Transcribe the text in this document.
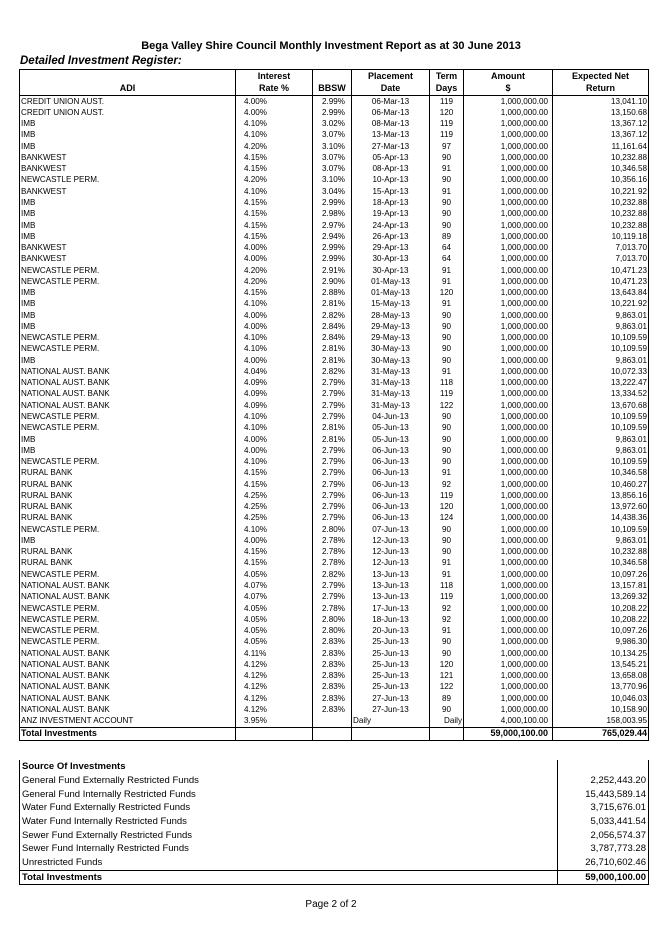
Bega Valley Shire Council Monthly Investment Report as at 30 June 2013
Detailed Investment Register:
	Interest		Placement	Term	Amount	Expected Net
ADI	Rate %	BBSW	Date	Days	$	Return
CREDIT UNION AUST.	4.00%	2.99%	06-Mar-13	119	1,000,000.00	13,041.10
CREDIT UNION AUST.	4.00%	2.99%	06-Mar-13	120	1,000,000.00	13,150.68
IMB	4.10%	3.02%	08-Mar-13	119	1,000,000.00	13,367.12
IMB	4.10%	3.07%	13-Mar-13	119	1,000,000.00	13,367.12
IMB	4.20%	3.10%	27-Mar-13	97	1,000,000.00	11,161.64
BANKWEST	4.15%	3.07%	05-Apr-13	90	1,000,000.00	10,232.88
BANKWEST	4.15%	3.07%	08-Apr-13	91	1,000,000.00	10,346.58
NEWCASTLE PERM.	4.20%	3.10%	10-Apr-13	90	1,000,000.00	10,356.16
BANKWEST	4.10%	3.04%	15-Apr-13	91	1,000,000.00	10,221.92
IMB	4.15%	2.99%	18-Apr-13	90	1,000,000.00	10,232.88
IMB	4.15%	2.98%	19-Apr-13	90	1,000,000.00	10,232.88
IMB	4.15%	2.97%	24-Apr-13	90	1,000,000.00	10,232.88
IMB	4.15%	2.94%	26-Apr-13	89	1,000,000.00	10,119.18
BANKWEST	4.00%	2.99%	29-Apr-13	64	1,000,000.00	7,013.70
BANKWEST	4.00%	2.99%	30-Apr-13	64	1,000,000.00	7,013.70
NEWCASTLE PERM.	4.20%	2.91%	30-Apr-13	91	1,000,000.00	10,471.23
NEWCASTLE PERM.	4.20%	2.90%	01-May-13	91	1,000,000.00	10,471.23
IMB	4.15%	2.88%	01-May-13	120	1,000,000.00	13,643.84
IMB	4.10%	2.81%	15-May-13	91	1,000,000.00	10,221.92
IMB	4.00%	2.82%	28-May-13	90	1,000,000.00	9,863.01
IMB	4.00%	2.84%	29-May-13	90	1,000,000.00	9,863.01
NEWCASTLE PERM.	4.10%	2.84%	29-May-13	90	1,000,000.00	10,109.59
NEWCASTLE PERM.	4.10%	2.81%	30-May-13	90	1,000,000.00	10,109.59
IMB	4.00%	2.81%	30-May-13	90	1,000,000.00	9,863.01
NATIONAL AUST. BANK	4.04%	2.82%	31-May-13	91	1,000,000.00	10,072.33
NATIONAL AUST. BANK	4.09%	2.79%	31-May-13	118	1,000,000.00	13,222.47
NATIONAL AUST. BANK	4.09%	2.79%	31-May-13	119	1,000,000.00	13,334.52
NATIONAL AUST. BANK	4.09%	2.79%	31-May-13	122	1,000,000.00	13,670.68
NEWCASTLE PERM.	4.10%	2.79%	04-Jun-13	90	1,000,000.00	10,109.59
NEWCASTLE PERM.	4.10%	2.81%	05-Jun-13	90	1,000,000.00	10,109.59
IMB	4.00%	2.81%	05-Jun-13	90	1,000,000.00	9,863.01
IMB	4.00%	2.79%	06-Jun-13	90	1,000,000.00	9,863.01
NEWCASTLE PERM.	4.10%	2.79%	06-Jun-13	90	1,000,000.00	10,109.59
RURAL BANK	4.15%	2.79%	06-Jun-13	91	1,000,000.00	10,346.58
RURAL BANK	4.15%	2.79%	06-Jun-13	92	1,000,000.00	10,460.27
RURAL BANK	4.25%	2.79%	06-Jun-13	119	1,000,000.00	13,856.16
RURAL BANK	4.25%	2.79%	06-Jun-13	120	1,000,000.00	13,972.60
RURAL BANK	4.25%	2.79%	06-Jun-13	124	1,000,000.00	14,438.36
NEWCASTLE PERM.	4.10%	2.80%	07-Jun-13	90	1,000,000.00	10,109.59
IMB	4.00%	2.78%	12-Jun-13	90	1,000,000.00	9,863.01
RURAL BANK	4.15%	2.78%	12-Jun-13	90	1,000,000.00	10,232.88
RURAL BANK	4.15%	2.78%	12-Jun-13	91	1,000,000.00	10,346.58
NEWCASTLE PERM.	4.05%	2.82%	13-Jun-13	91	1,000,000.00	10,097.26
NATIONAL AUST. BANK	4.07%	2.79%	13-Jun-13	118	1,000,000.00	13,157.81
NATIONAL AUST. BANK	4.07%	2.79%	13-Jun-13	119	1,000,000.00	13,269.32
NEWCASTLE PERM.	4.05%	2.78%	17-Jun-13	92	1,000,000.00	10,208.22
NEWCASTLE PERM.	4.05%	2.80%	18-Jun-13	92	1,000,000.00	10,208.22
NEWCASTLE PERM.	4.05%	2.80%	20-Jun-13	91	1,000,000.00	10,097.26
NEWCASTLE PERM.	4.05%	2.83%	25-Jun-13	90	1,000,000.00	9,986.30
NATIONAL AUST. BANK	4.11%	2.83%	25-Jun-13	90	1,000,000.00	10,134.25
NATIONAL AUST. BANK	4.12%	2.83%	25-Jun-13	120	1,000,000.00	13,545.21
NATIONAL AUST. BANK	4.12%	2.83%	25-Jun-13	121	1,000,000.00	13,658.08
NATIONAL AUST. BANK	4.12%	2.83%	25-Jun-13	122	1,000,000.00	13,770.96
NATIONAL AUST. BANK	4.12%	2.83%	27-Jun-13	89	1,000,000.00	10,046.03
NATIONAL AUST. BANK	4.12%	2.83%	27-Jun-13	90	1,000,000.00	10,158.90
ANZ INVESTMENT ACCOUNT	3.95%		Daily	Daily	4,000,100.00	158,003.95
Total Investments					59,000,100.00	765,029.44
Source Of Investments	
General Fund Externally Restricted Funds	2,252,443.20
General Fund Internally Restricted Funds	15,443,589.14
Water Fund Externally Restricted Funds	3,715,676.01
Water Fund Internally Restricted Funds	5,033,441.54
Sewer Fund Externally Restricted Funds	2,056,574.37
Sewer Fund Internally Restricted Funds	3,787,773.28
Unrestricted Funds	26,710,602.46
Total Investments	59,000,100.00
Page 2 of 2
